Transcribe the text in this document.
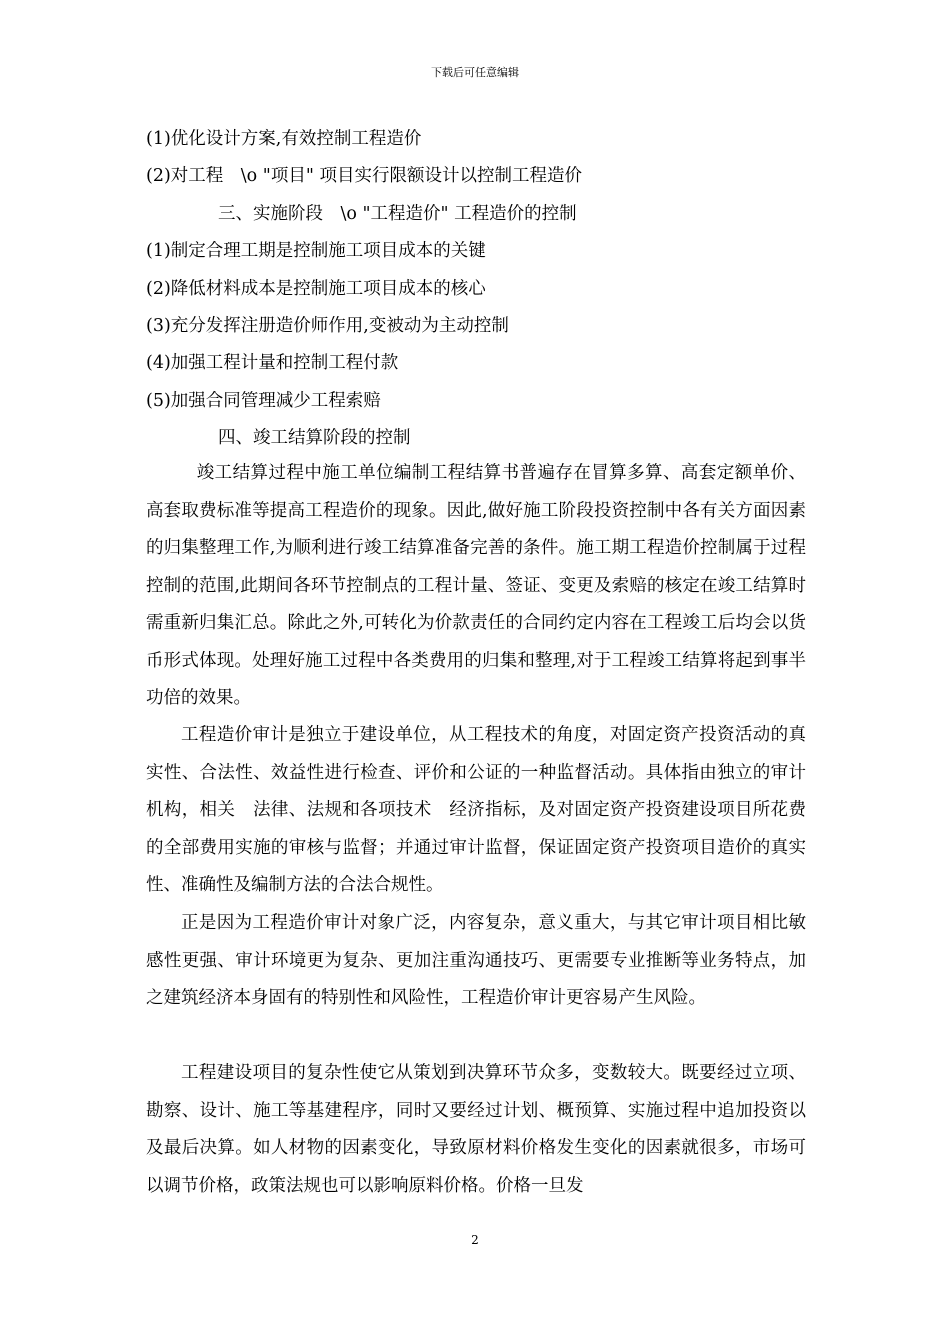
下载后可任意编辑
(1)优化设计方案,有效控制工程造价
(2)对工程　\o "项目" 项目实行限额设计以控制工程造价
三、实施阶段　\o "工程造价" 工程造价的控制
(1)制定合理工期是控制施工项目成本的关键
(2)降低材料成本是控制施工项目成本的核心
(3)充分发挥注册造价师作用,变被动为主动控制
(4)加强工程计量和控制工程付款
(5)加强合同管理减少工程索赔
四、竣工结算阶段的控制

竣工结算过程中施工单位编制工程结算书普遍存在冒算多算、高套定额单价、高套取费标准等提高工程造价的现象。因此,做好施工阶段投资控制中各有关方面因素的归集整理工作,为顺利进行竣工结算准备完善的条件。施工期工程造价控制属于过程控制的范围,此期间各环节控制点的工程计量、签证、变更及索赔的核定在竣工结算时需重新归集汇总。除此之外,可转化为价款责任的合同约定内容在工程竣工后均会以货币形式体现。处理好施工过程中各类费用的归集和整理,对于工程竣工结算将起到事半功倍的效果。

工程造价审计是独立于建设单位，从工程技术的角度，对固定资产投资活动的真实性、合法性、效益性进行检查、评价和公证的一种监督活动。具体指由独立的审计机构，相关　法律、法规和各项技术　经济指标，及对固定资产投资建设项目所花费的全部费用实施的审核与监督；并通过审计监督，保证固定资产投资项目造价的真实性、准确性及编制方法的合法合规性。

正是因为工程造价审计对象广泛，内容复杂，意义重大，与其它审计项目相比敏感性更强、审计环境更为复杂、更加注重沟通技巧、更需要专业推断等业务特点，加之建筑经济本身固有的特别性和风险性，工程造价审计更容易产生风险。

工程建设项目的复杂性使它从策划到决算环节众多，变数较大。既要经过立项、勘察、设计、施工等基建程序，同时又要经过计划、概预算、实施过程中追加投资以及最后决算。如人材物的因素变化，导致原材料价格发生变化的因素就很多，市场可以调节价格，政策法规也可以影响原料价格。价格一旦发

2
